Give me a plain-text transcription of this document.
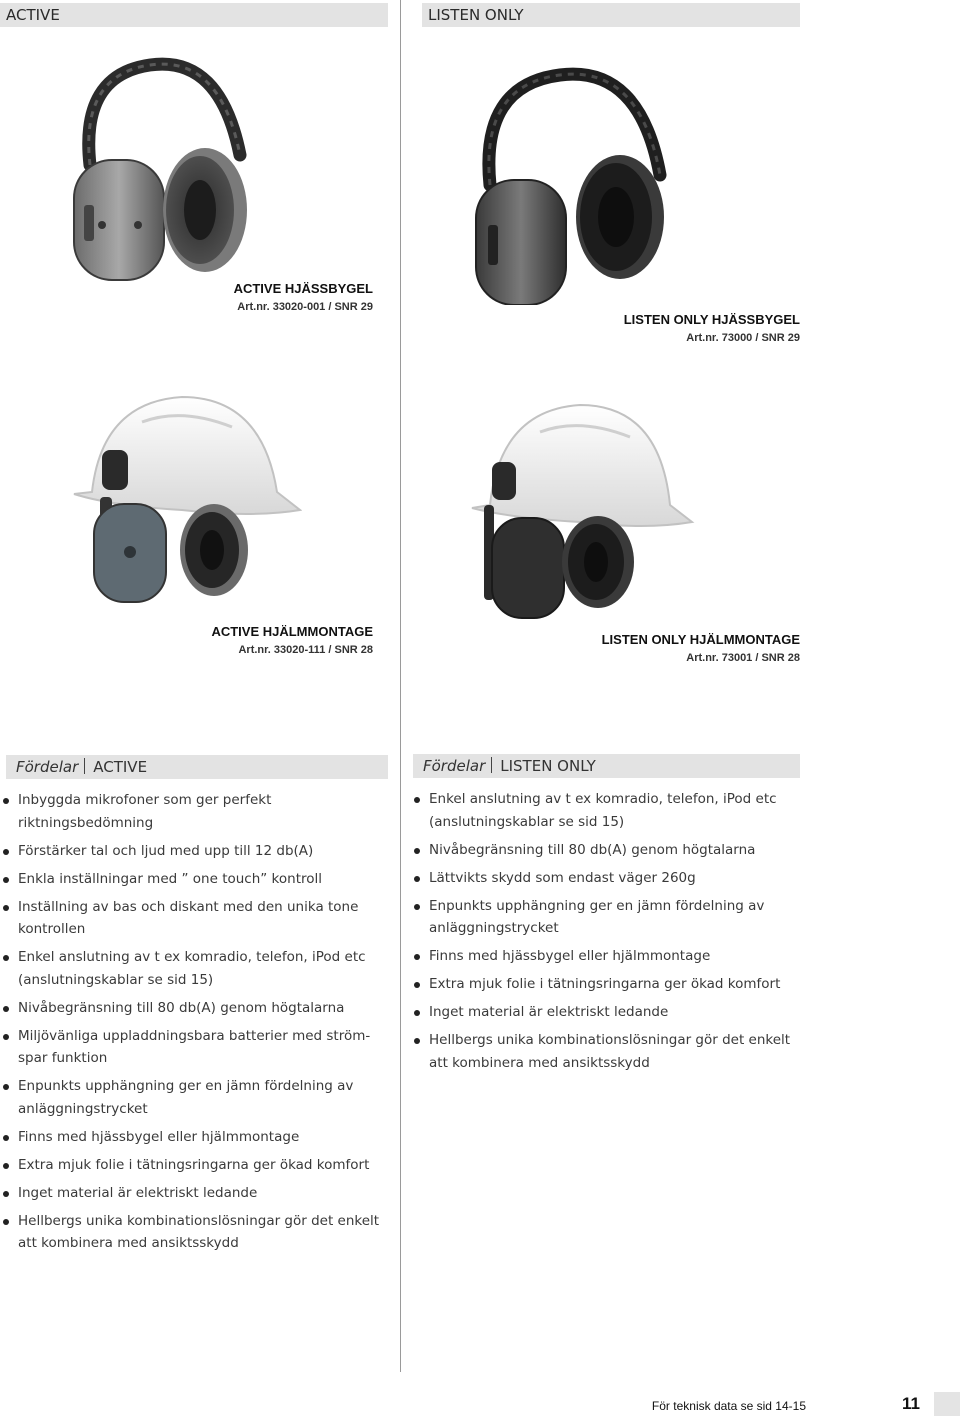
ACTIVE	LISTEN ONLY
ACTIVE HJÄSSBYGEL
Art.nr. 33020-001 / SNR 29
LISTEN ONLY HJÄSSBYGEL
Art.nr. 73000 / SNR 29
ACTIVE HJÄLMMONTAGE
Art.nr. 33020-111 / SNR 28
LISTEN ONLY HJÄLMMONTAGE
Art.nr. 73001 / SNR 28
Fördelar ACTIVE
Inbyggda mikrofoner som ger perfekt riktningsbedömning
Förstärker tal och ljud med upp till 12 db(A)
Enkla inställningar med ” one touch” kontroll
Inställning av bas och diskant med den unika tone kontrollen
Enkel anslutning av t ex komradio, telefon, iPod etc (anslutningskablar se sid 15)
Nivåbegränsning till 80 db(A) genom högtalarna
Miljövänliga uppladdningsbara batterier med ström-spar funktion
Enpunkts upphängning ger en jämn fördelning av anläggningstrycket
Finns med hjässbygel eller hjälmmontage
Extra mjuk folie i tätningsringarna ger ökad komfort
Inget material är elektriskt ledande
Hellbergs unika kombinationslösningar gör det enkelt att kombinera med ansiktsskydd
Fördelar LISTEN ONLY
Enkel anslutning av t ex komradio, telefon, iPod etc (anslutningskablar se sid 15)
Nivåbegränsning till 80 db(A) genom högtalarna
Lättvikts skydd som endast väger 260g
Enpunkts upphängning ger en jämn fördelning av anläggningstrycket
Finns med hjässbygel eller hjälmmontage
Extra mjuk folie i tätningsringarna ger ökad komfort
Inget material är elektriskt ledande
Hellbergs unika kombinationslösningar gör det enkelt att kombinera med ansiktsskydd
För teknisk data se sid 14-15	11
